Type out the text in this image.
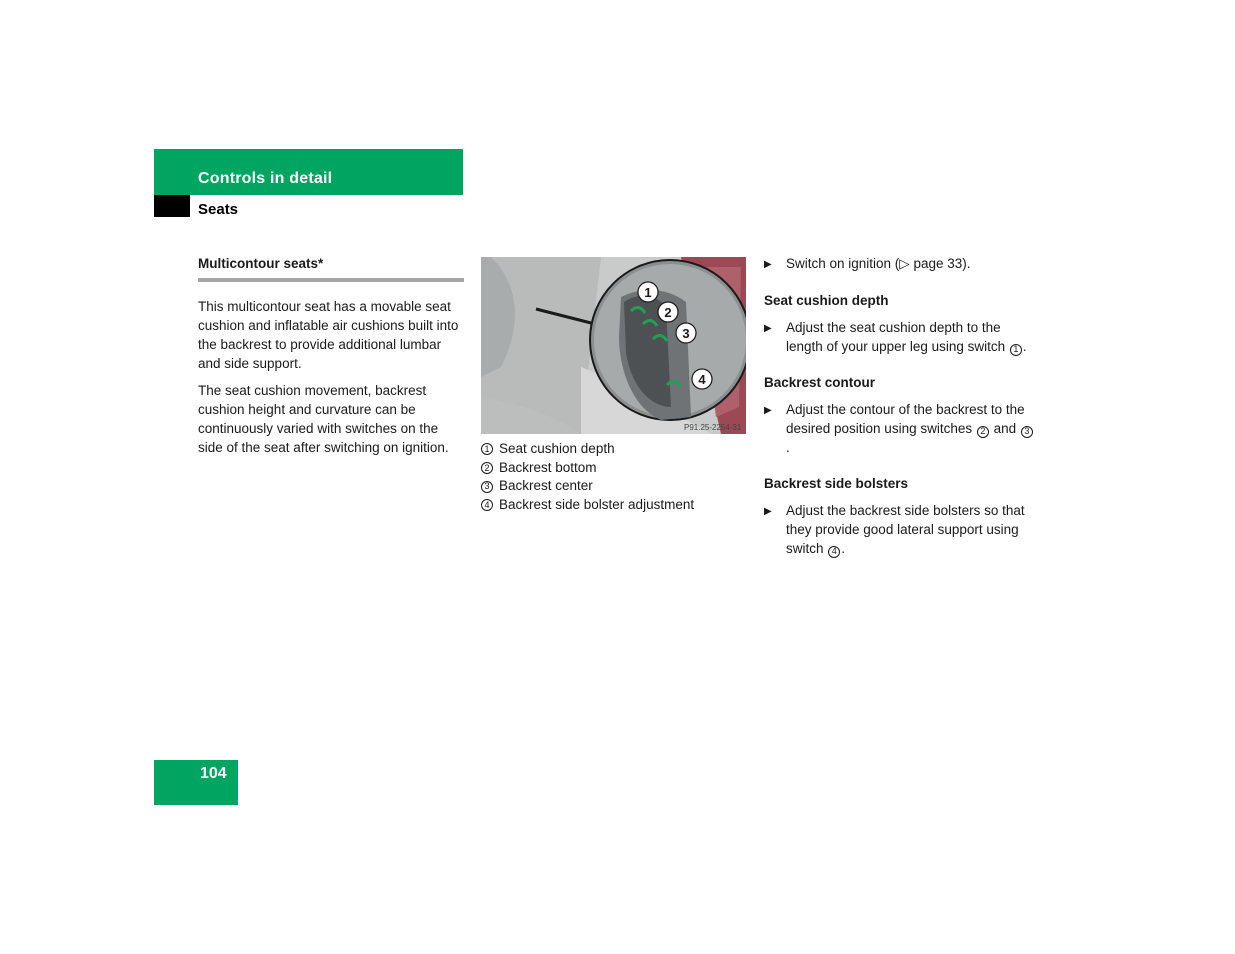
Controls in detail
Seats
Multicontour seats*

This multicontour seat has a movable seat cushion and inflatable air cushions built into the backrest to provide additional lumbar and side support.

The seat cushion movement, backrest cushion height and curvature can be continuously varied with switches on the side of the seat after switching on ignition.

1
2
3
4
P91.25-2254-31
1 Seat cushion depth
2 Backrest bottom
3 Backrest center
4 Backrest side bolster adjustment
▶	Switch on ignition (▷ page 33).
Seat cushion depth
▶	Adjust the seat cushion depth to the length of your upper leg using switch 1 .
Backrest contour
▶	Adjust the contour of the backrest to the desired position using switches 2 and 3.
Backrest side bolsters
▶	Adjust the backrest side bolsters so that they provide good lateral support using switch 4 .
104
